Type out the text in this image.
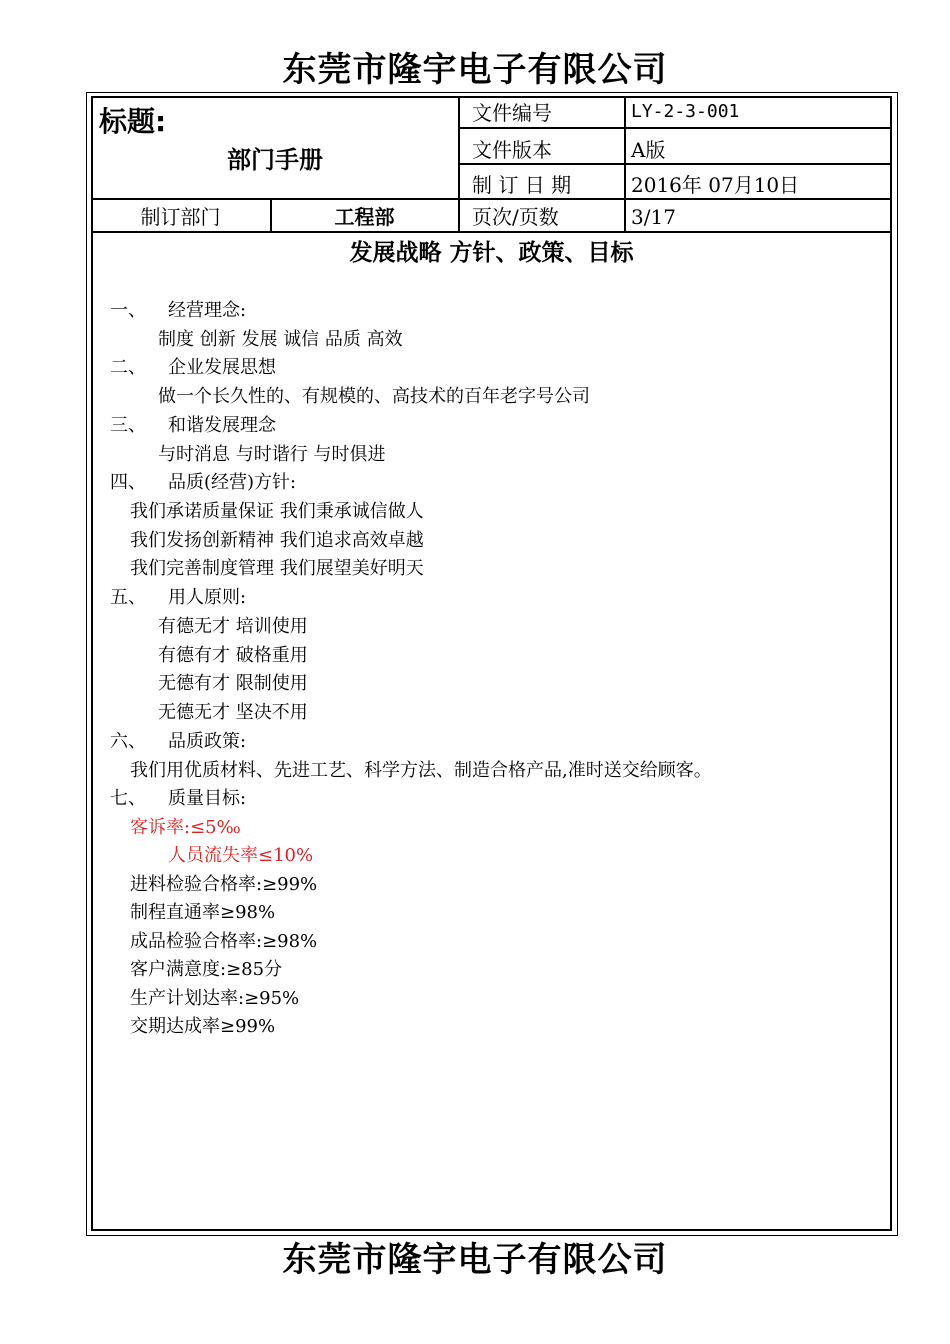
东莞市隆宇电子有限公司
东莞市隆宇电子有限公司
标题:
部门手册
文件编号	LY-2-3-001
文件版本	A版
制 订 日 期	2016年 07月10日
制订部门	工程部	页次/页数	3/17
发展战略 方针、政策、目标
一、 经营理念:
制度 创新 发展 诚信 品质 高效
二、 企业发展思想
做一个长久性的、有规模的、高技术的百年老字号公司
三、 和谐发展理念
与时消息 与时谐行 与时俱进
四、 品质(经营)方针:
我们承诺质量保证 我们秉承诚信做人
我们发扬创新精神 我们追求高效卓越
我们完善制度管理 我们展望美好明天
五、 用人原则:
有德无才 培训使用
有德有才 破格重用
无德有才 限制使用
无德无才 坚决不用
六、 品质政策:
我们用优质材料、先进工艺、科学方法、制造合格产品,准时送交给顾客。
七、 质量目标:
客诉率:≤5‰
人员流失率≤10%
进料检验合格率:≥99%
制程直通率≥98%
成品检验合格率:≥98%
客户满意度:≥85分
生产计划达率:≥95%
交期达成率≥99%
